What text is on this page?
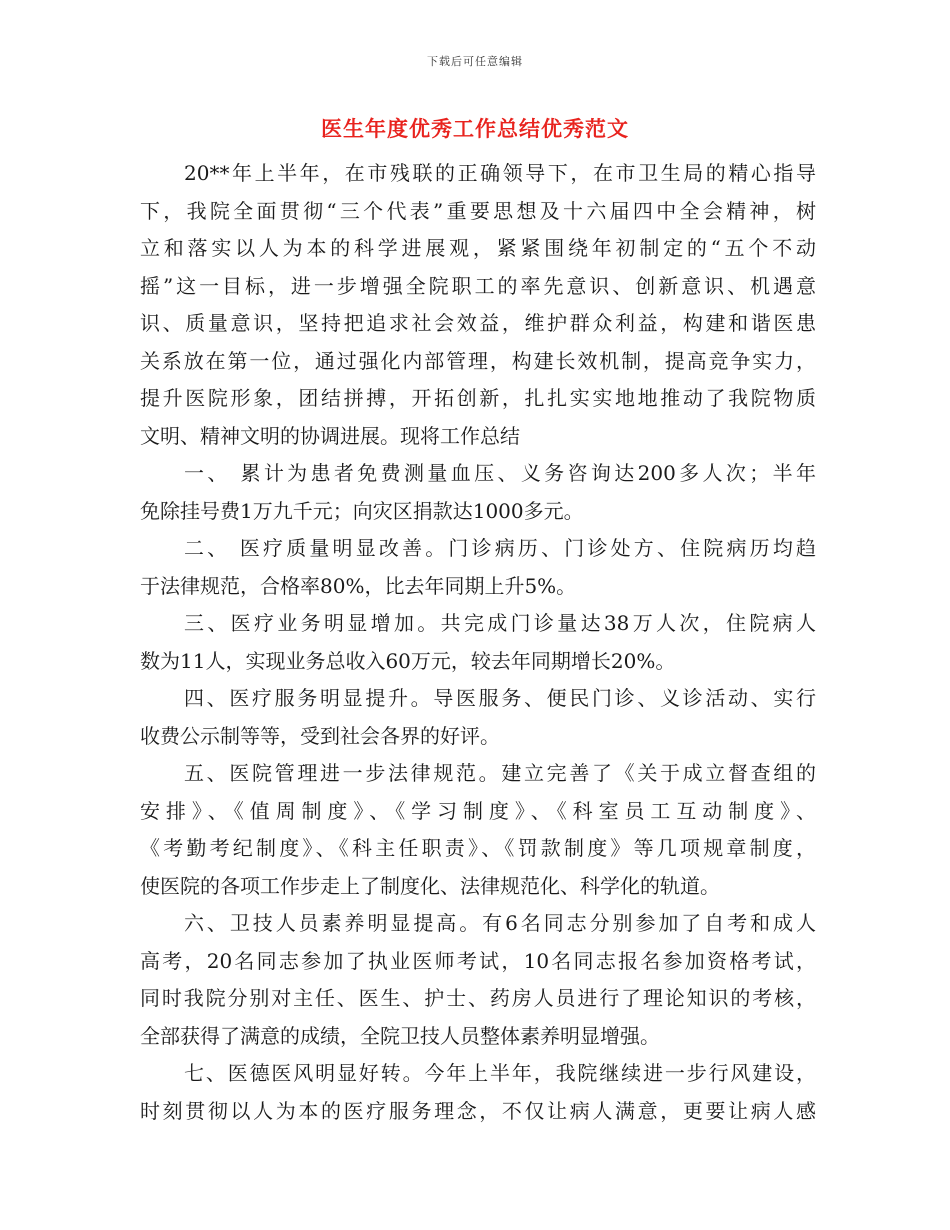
下载后可任意编辑
医生年度优秀工作总结优秀范文
20**年上半年，在市残联的正确领导下，在市卫生局的精心指导
下，我院全面贯彻“三个代表”重要思想及十六届四中全会精神，树
立和落实以人为本的科学进展观，紧紧围绕年初制定的“五个不动
摇”这一目标，进一步增强全院职工的率先意识、创新意识、机遇意
识、质量意识，坚持把追求社会效益，维护群众利益，构建和谐医患
关系放在第一位，通过强化内部管理，构建长效机制，提高竞争实力，
提升医院形象，团结拼搏，开拓创新，扎扎实实地地推动了我院物质
文明、精神文明的协调进展。现将工作总结
一、 累计为患者免费测量血压、义务咨询达200多人次；半年
免除挂号费1万九千元；向灾区捐款达1000多元。
二、 医疗质量明显改善。门诊病历、门诊处方、住院病历均趋
于法律规范，合格率80%，比去年同期上升5%。
三、医疗业务明显增加。共完成门诊量达38万人次，住院病人
数为11人，实现业务总收入60万元，较去年同期增长20%。
四、医疗服务明显提升。导医服务、便民门诊、义诊活动、实行
收费公示制等等，受到社会各界的好评。
五、医院管理进一步法律规范。建立完善了《关于成立督查组的
安排》、《值周制度》、《学习制度》、《科室员工互动制度》、
《考勤考纪制度》、《科主任职责》、《罚款制度》等几项规章制度，
使医院的各项工作步走上了制度化、法律规范化、科学化的轨道。
六、卫技人员素养明显提高。有6名同志分别参加了自考和成人
高考，20名同志参加了执业医师考试，10名同志报名参加资格考试，
同时我院分别对主任、医生、护士、药房人员进行了理论知识的考核，
全部获得了满意的成绩，全院卫技人员整体素养明显增强。
七、医德医风明显好转。今年上半年，我院继续进一步行风建设，
时刻贯彻以人为本的医疗服务理念，不仅让病人满意，更要让病人感
